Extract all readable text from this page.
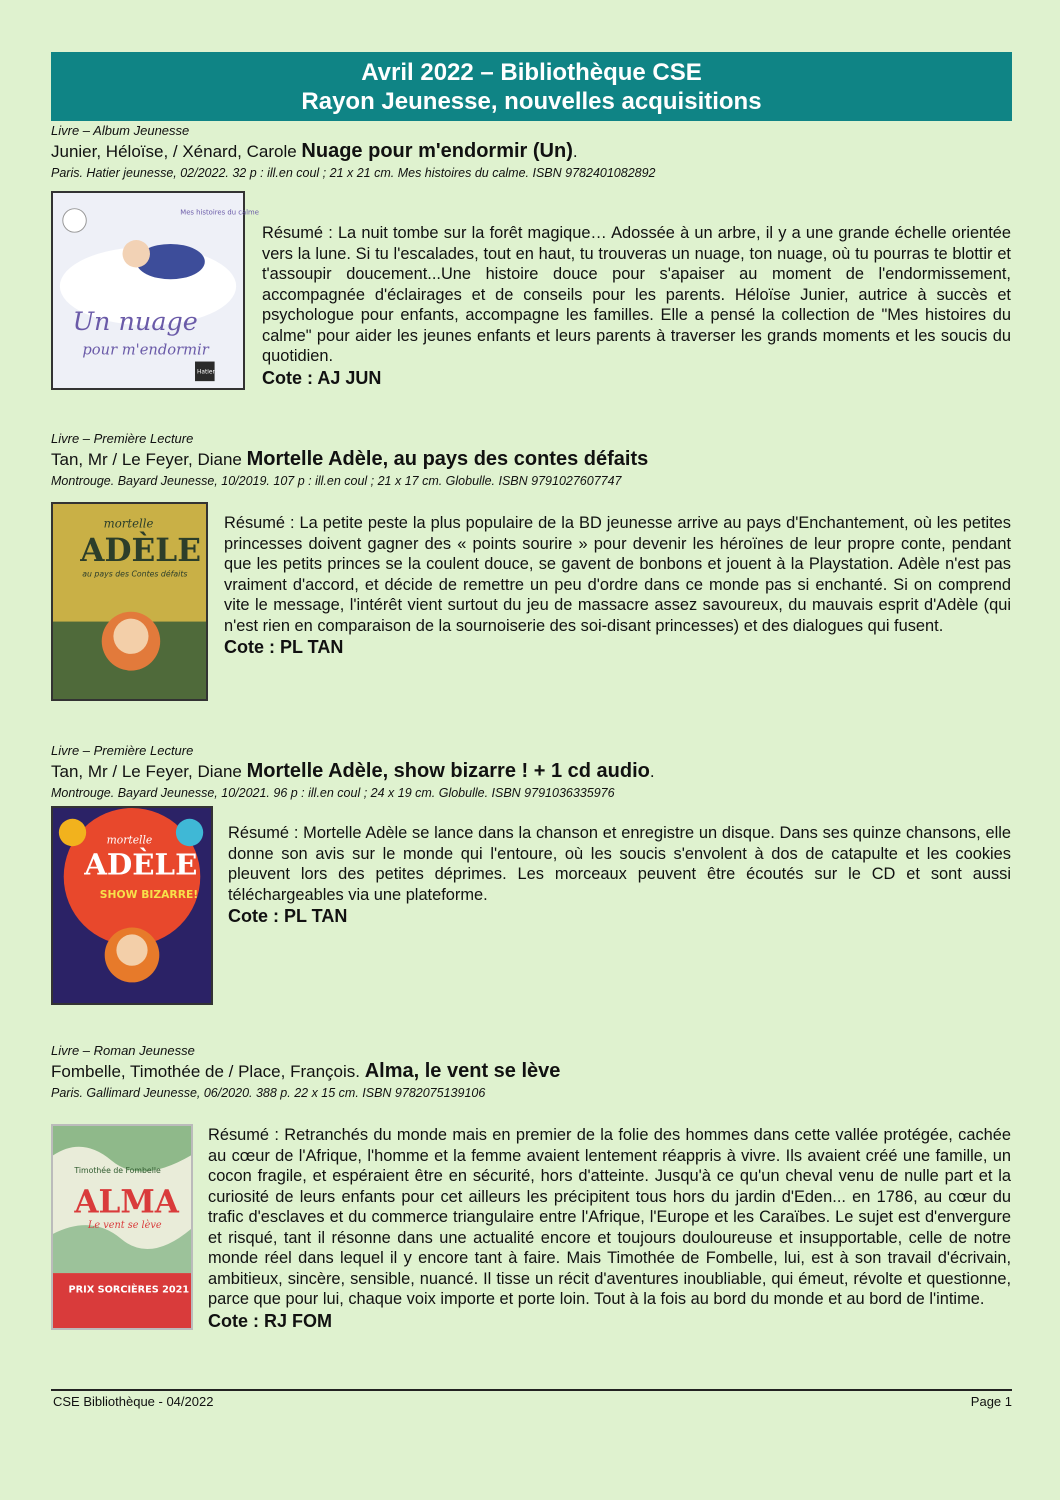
Avril 2022 – Bibliothèque CSE
Rayon Jeunesse, nouvelles acquisitions
Livre – Album Jeunesse
Junier, Héloïse, / Xénard, Carole Nuage pour m'endormir (Un).
Paris. Hatier jeunesse, 02/2022. 32 p : ill.en coul ; 21 x 21 cm. Mes histoires du calme. ISBN 9782401082892
Mes histoires du calme
Un nuage
pour m'endormir
Hatier
Résumé : La nuit tombe sur la forêt magique… Adossée à un arbre, il y a une grande échelle orientée vers la lune. Si tu l'escalades, tout en haut, tu trouveras un nuage, ton nuage, où tu pourras te blottir et t'assoupir doucement...Une histoire douce pour s'apaiser au moment de l'endormissement, accompagnée d'éclairages et de conseils pour les parents. Héloïse Junier, autrice à succès et psychologue pour enfants, accompagne les familles. Elle a pensé la collection de "Mes histoires du calme" pour aider les jeunes enfants et leurs parents à traverser les grands moments et les soucis du quotidien.
Cote : AJ JUN
Livre – Première Lecture
Tan, Mr / Le Feyer, Diane Mortelle Adèle, au pays des contes défaits
Montrouge. Bayard Jeunesse, 10/2019. 107 p : ill.en coul ; 21 x 17 cm. Globulle. ISBN 9791027607747
mortelle
ADÈLE
au pays des Contes défaits
Résumé : La petite peste la plus populaire de la BD jeunesse arrive au pays d'Enchantement, où les petites princesses doivent gagner des « points sourire » pour devenir les héroïnes de leur propre conte, pendant que les petits princes se la coulent douce, se gavent de bonbons et jouent à la Playstation. Adèle n'est pas vraiment d'accord, et décide de remettre un peu d'ordre dans ce monde pas si enchanté. Si on comprend vite le message, l'intérêt vient surtout du jeu de massacre assez savoureux, du mauvais esprit d'Adèle (qui n'est rien en comparaison de la sournoiserie des soi-disant princesses) et des dialogues qui fusent.
Cote : PL TAN
Livre – Première Lecture
Tan, Mr / Le Feyer, Diane Mortelle Adèle, show bizarre ! + 1 cd audio.
Montrouge. Bayard Jeunesse, 10/2021. 96 p : ill.en coul ; 24 x 19 cm. Globulle. ISBN 9791036335976
mortelle
ADÈLE
SHOW BIZARRE!
Résumé : Mortelle Adèle se lance dans la chanson et enregistre un disque. Dans ses quinze chansons, elle donne son avis sur le monde qui l'entoure, où les soucis s'envolent à dos de catapulte et les cookies pleuvent lors des petites déprimes. Les morceaux peuvent être écoutés sur le CD et sont aussi téléchargeables via une plateforme.
Cote : PL TAN
Livre – Roman Jeunesse
Fombelle, Timothée de / Place, François. Alma, le vent se lève
Paris. Gallimard Jeunesse, 06/2020. 388 p. 22 x 15 cm. ISBN 9782075139106
Timothée de Fombelle
ALMA
Le vent se lève
PRIX SORCIÈRES 2021
Résumé : Retranchés du monde mais en premier de la folie des hommes dans cette vallée protégée, cachée au cœur de l'Afrique, l'homme et la femme avaient lentement réappris à vivre. Ils avaient créé une famille, un cocon fragile, et espéraient être en sécurité, hors d'atteinte. Jusqu'à ce qu'un cheval venu de nulle part et la curiosité de leurs enfants pour cet ailleurs les précipitent tous hors du jardin d'Eden... en 1786, au cœur du trafic d'esclaves et du commerce triangulaire entre l'Afrique, l'Europe et les Caraïbes. Le sujet est d'envergure et risqué, tant il résonne dans une actualité encore et toujours douloureuse et insupportable, celle de notre monde réel dans lequel il y encore tant à faire. Mais Timothée de Fombelle, lui, est à son travail d'écrivain, ambitieux, sincère, sensible, nuancé. Il tisse un récit d'aventures inoubliable, qui émeut, révolte et questionne, parce que pour lui, chaque voix importe et porte loin. Tout à la fois au bord du monde et au bord de l'intime.
Cote : RJ FOM
CSE Bibliothèque - 04/2022	Page 1
